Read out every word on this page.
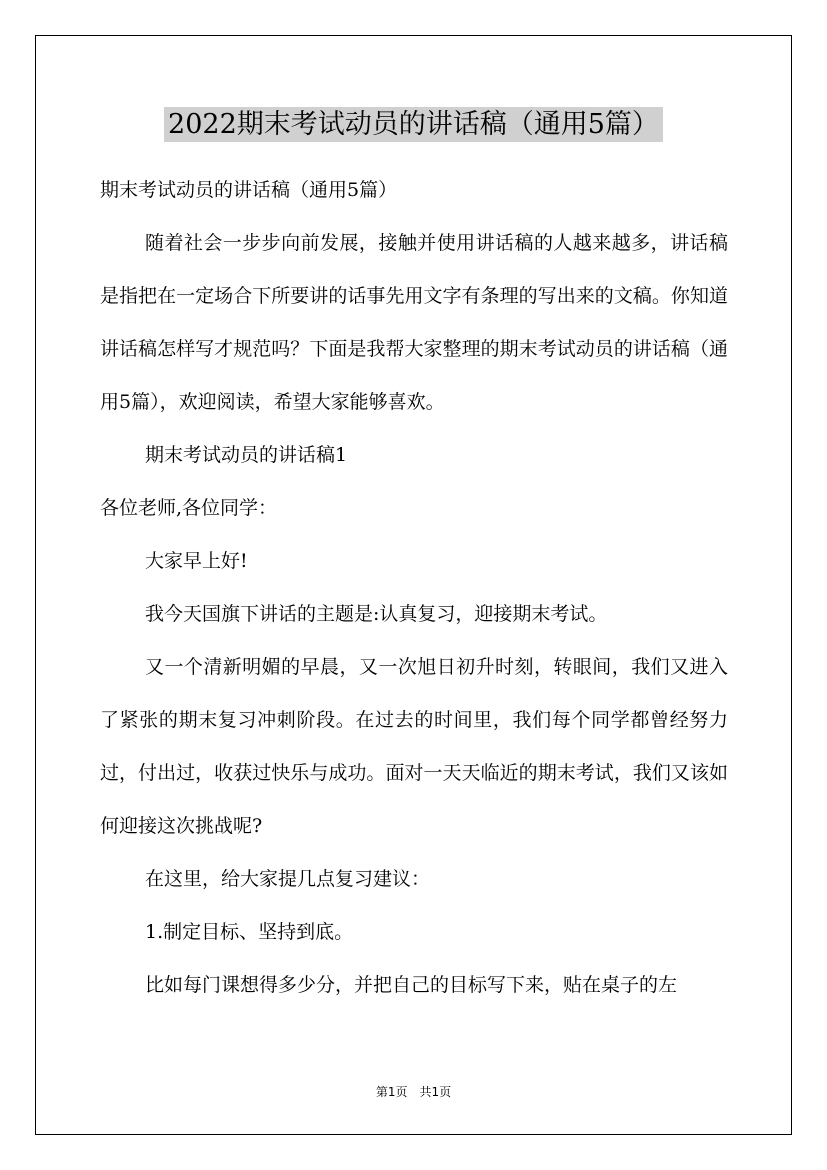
2022期末考试动员的讲话稿（通用5篇）

期末考试动员的讲话稿（通用5篇）

随着社会一步步向前发展，接触并使用讲话稿的人越来越多，讲话稿是指把在一定场合下所要讲的话事先用文字有条理的写出来的文稿。你知道讲话稿怎样写才规范吗？下面是我帮大家整理的期末考试动员的讲话稿（通用5篇），欢迎阅读，希望大家能够喜欢。

期末考试动员的讲话稿1

各位老师,各位同学：

大家早上好!

我今天国旗下讲话的主题是:认真复习，迎接期末考试。

又一个清新明媚的早晨，又一次旭日初升时刻，转眼间，我们又进入了紧张的期末复习冲刺阶段。在过去的时间里，我们每个同学都曾经努力过，付出过，收获过快乐与成功。面对一天天临近的期末考试，我们又该如何迎接这次挑战呢?

在这里，给大家提几点复习建议：

1.制定目标、坚持到底。

比如每门课想得多少分，并把自己的目标写下来，贴在桌子的左

第1页　共1页
